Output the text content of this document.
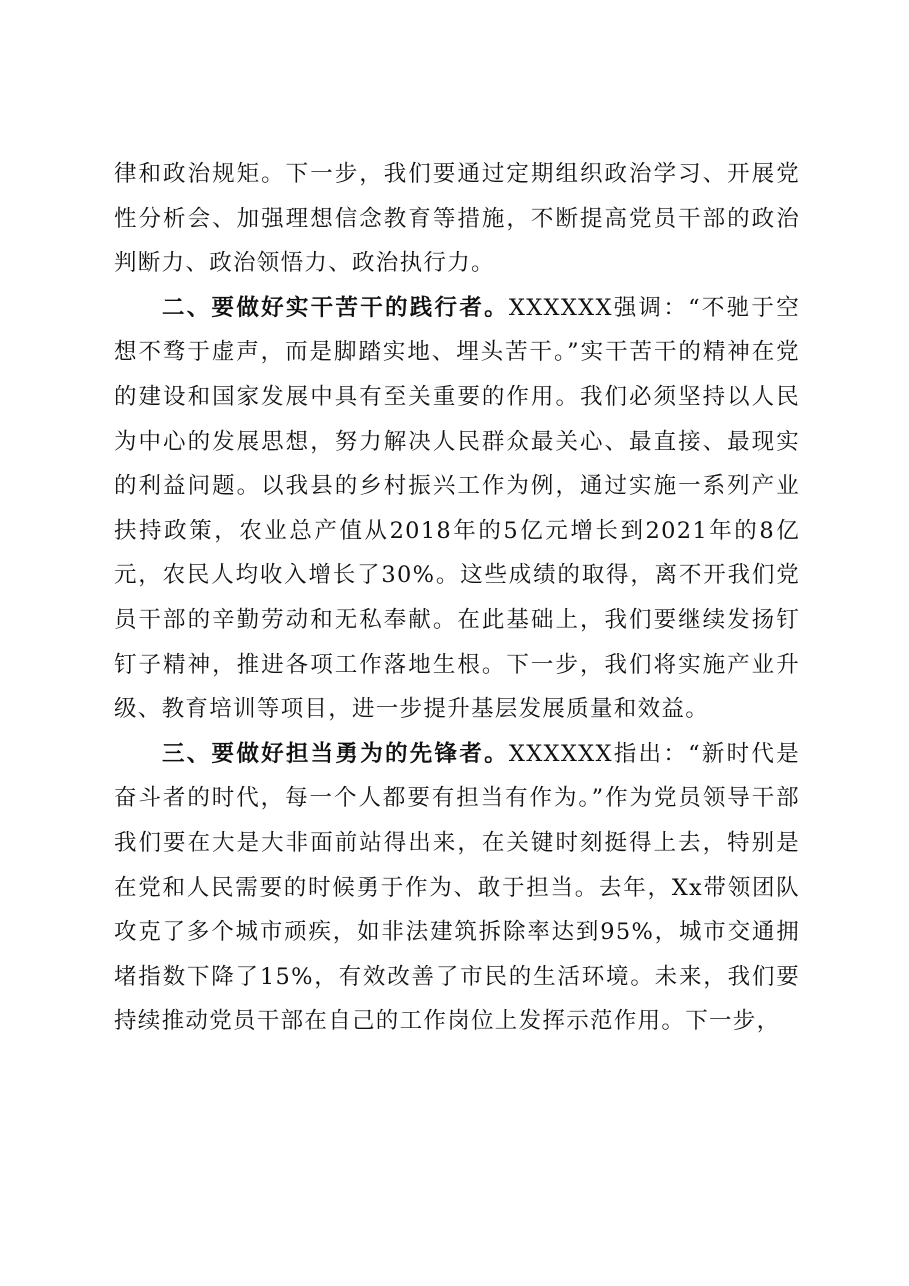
律和政治规矩。下一步，我们要通过定期组织政治学习、开展党性分析会、加强理想信念教育等措施，不断提高党员干部的政治判断力、政治领悟力、政治执行力。

二、要做好实干苦干的践行者。XXXXXX强调：“不驰于空想不骛于虚声，而是脚踏实地、埋头苦干。”实干苦干的精神在党的建设和国家发展中具有至关重要的作用。我们必须坚持以人民为中心的发展思想，努力解决人民群众最关心、最直接、最现实的利益问题。以我县的乡村振兴工作为例，通过实施一系列产业扶持政策，农业总产值从2018年的5亿元增长到2021年的8亿元，农民人均收入增长了30%。这些成绩的取得，离不开我们党员干部的辛勤劳动和无私奉献。在此基础上，我们要继续发扬钉钉子精神，推进各项工作落地生根。下一步，我们将实施产业升级、教育培训等项目，进一步提升基层发展质量和效益。

三、要做好担当勇为的先锋者。XXXXXX指出：“新时代是奋斗者的时代，每一个人都要有担当有作为。”作为党员领导干部我们要在大是大非面前站得出来，在关键时刻挺得上去，特别是在党和人民需要的时候勇于作为、敢于担当。去年，Xx带领团队攻克了多个城市顽疾，如非法建筑拆除率达到95%，城市交通拥堵指数下降了15%，有效改善了市民的生活环境。未来，我们要持续推动党员干部在自己的工作岗位上发挥示范作用。下一步，
